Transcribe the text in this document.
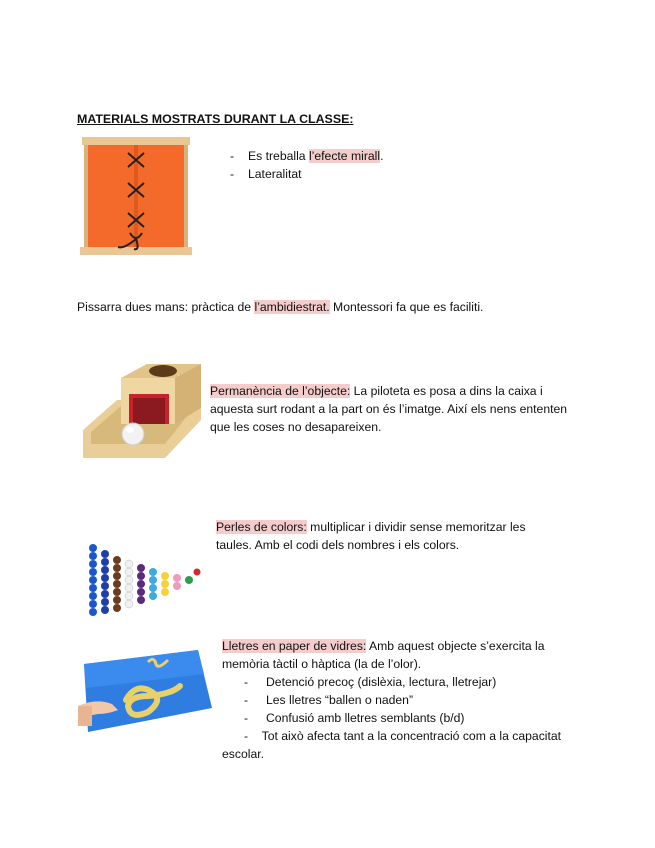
MATERIALS MOSTRATS DURANT LA CLASSE:
- Es treballa l’efecte mirall.
- Lateralitat
Pissarra dues mans: pràctica de l’ambidiestrat. Montessori fa que es faciliti.
Permanència de l’objecte: La piloteta es posa a dins la caixa i aquesta surt rodant a la part on és l’imatge. Així els nens ententen que les coses no desapareixen.
Perles de colors: multiplicar i dividir sense memoritzar les taules. Amb el codi dels nombres i els colors.
Lletres en paper de vidres: Amb aquest objecte s’exercita la memòria tàctil o hàptica (la de l’olor).
- Detenció precoç (dislèxia, lectura, lletrejar)
- Les lletres “ballen o naden”
- Confusió amb lletres semblants (b/d)
-    Tot això afecta tant a la concentració com a la capacitat escolar.
